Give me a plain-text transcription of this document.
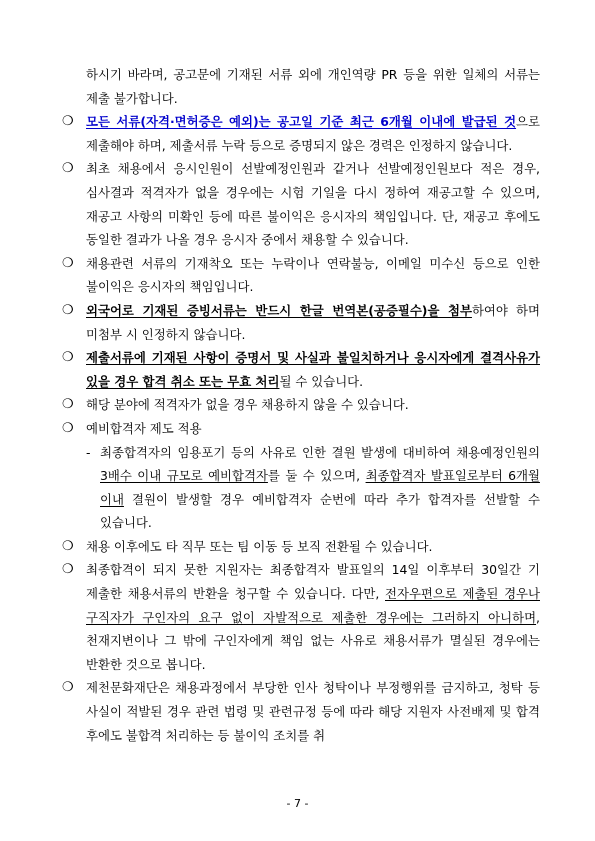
하시기 바라며, 공고문에 기재된 서류 외에 개인역량 PR 등을 위한 일체의 서류는 제출 불가합니다.
❍ 모든 서류(자격·면허증은 예외)는 공고일 기준 최근 6개월 이내에 발급된 것으로 제출해야 하며, 제출서류 누락 등으로 증명되지 않은 경력은 인정하지 않습니다.
❍ 최초 채용에서 응시인원이 선발예정인원과 같거나 선발예정인원보다 적은 경우, 심사결과 적격자가 없을 경우에는 시험 기일을 다시 정하여 재공고할 수 있으며, 재공고 사항의 미확인 등에 따른 불이익은 응시자의 책임입니다. 단, 재공고 후에도 동일한 결과가 나올 경우 응시자 중에서 채용할 수 있습니다.
❍ 채용관련 서류의 기재착오 또는 누락이나 연락불능, 이메일 미수신 등으로 인한 불이익은 응시자의 책임입니다.
❍ 외국어로 기재된 증빙서류는 반드시 한글 번역본(공증필수)을 첨부하여야 하며 미첨부 시 인정하지 않습니다.
❍ 제출서류에 기재된 사항이 증명서 및 사실과 불일치하거나 응시자에게 결격사유가 있을 경우 합격 취소 또는 무효 처리될 수 있습니다.
❍ 해당 분야에 적격자가 없을 경우 채용하지 않을 수 있습니다.
❍ 예비합격자 제도 적용
- 최종합격자의 임용포기 등의 사유로 인한 결원 발생에 대비하여 채용예정인원의 3배수 이내 규모로 예비합격자를 둘 수 있으며, 최종합격자 발표일로부터 6개월 이내 결원이 발생할 경우 예비합격자 순번에 따라 추가 합격자를 선발할 수 있습니다.
❍ 채용 이후에도 타 직무 또는 팀 이동 등 보직 전환될 수 있습니다.
❍ 최종합격이 되지 못한 지원자는 최종합격자 발표일의 14일 이후부터 30일간 기 제출한 채용서류의 반환을 청구할 수 있습니다. 다만, 전자우편으로 제출된 경우나 구직자가 구인자의 요구 없이 자발적으로 제출한 경우에는 그러하지 아니하며, 천재지변이나 그 밖에 구인자에게 책임 없는 사유로 채용서류가 멸실된 경우에는 반환한 것으로 봅니다.
❍ 제천문화재단은 채용과정에서 부당한 인사 청탁이나 부정행위를 금지하고, 청탁 등 사실이 적발된 경우 관련 법령 및 관련규정 등에 따라 해당 지원자 사전배제 및 합격 후에도 불합격 처리하는 등 불이익 조치를 취
- 7 -
